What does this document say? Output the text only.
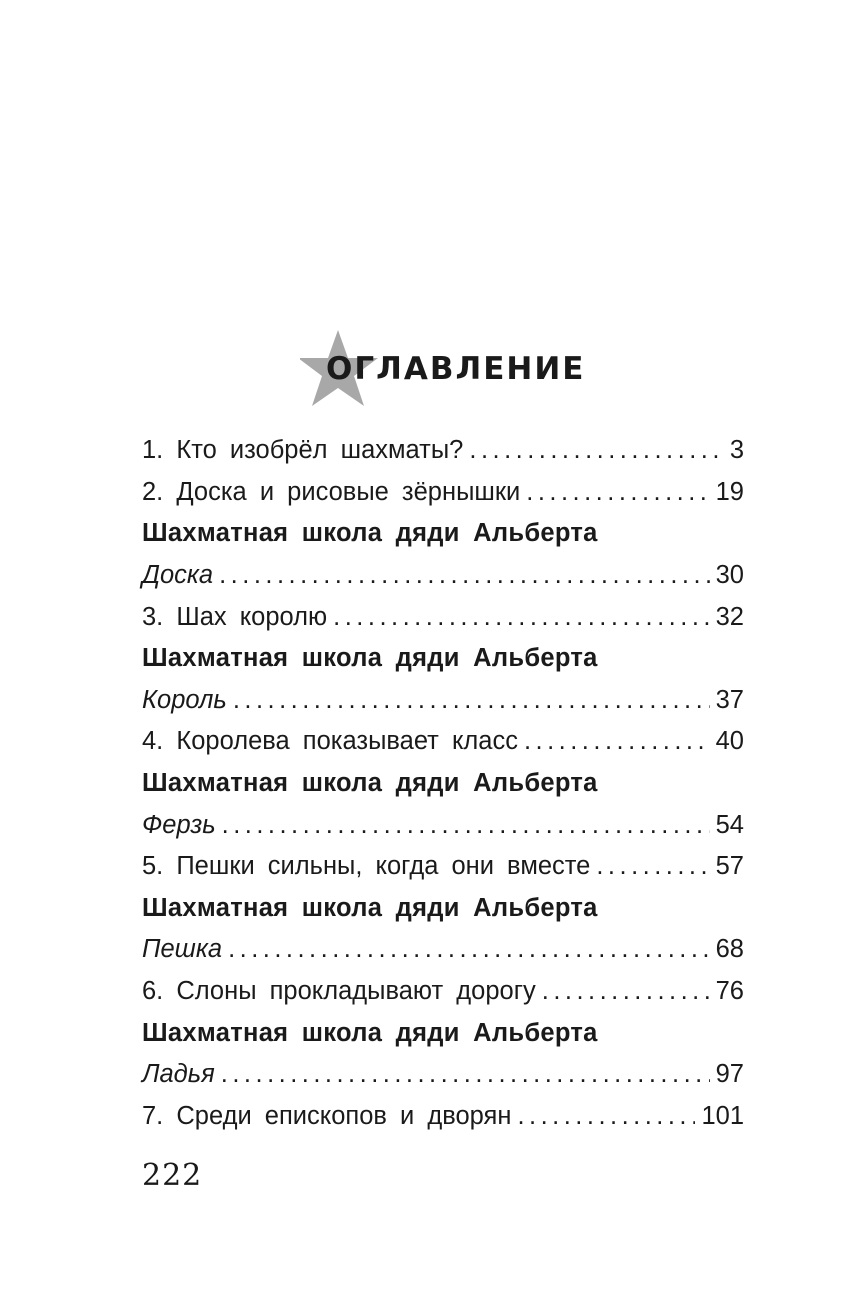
ОГЛАВЛЕНИЕ
1. Кто изобрёл шахматы? . . .	3
2. Доска и рисовые зёрнышки . . .	19
Шахматная школа дяди Альберта
Доска . . .	30
3. Шах королю . . .	32
Шахматная школа дяди Альберта
Король . . .	37
4. Королева показывает класс . . .	40
Шахматная школа дяди Альберта
Ферзь . . .	54
5. Пешки сильны, когда они вместе . . .	57
Шахматная школа дяди Альберта
Пешка . . .	68
6. Слоны прокладывают дорогу . . .	76
Шахматная школа дяди Альберта
Ладья . . .	97
7. Среди епископов и дворян . . .	101
222
